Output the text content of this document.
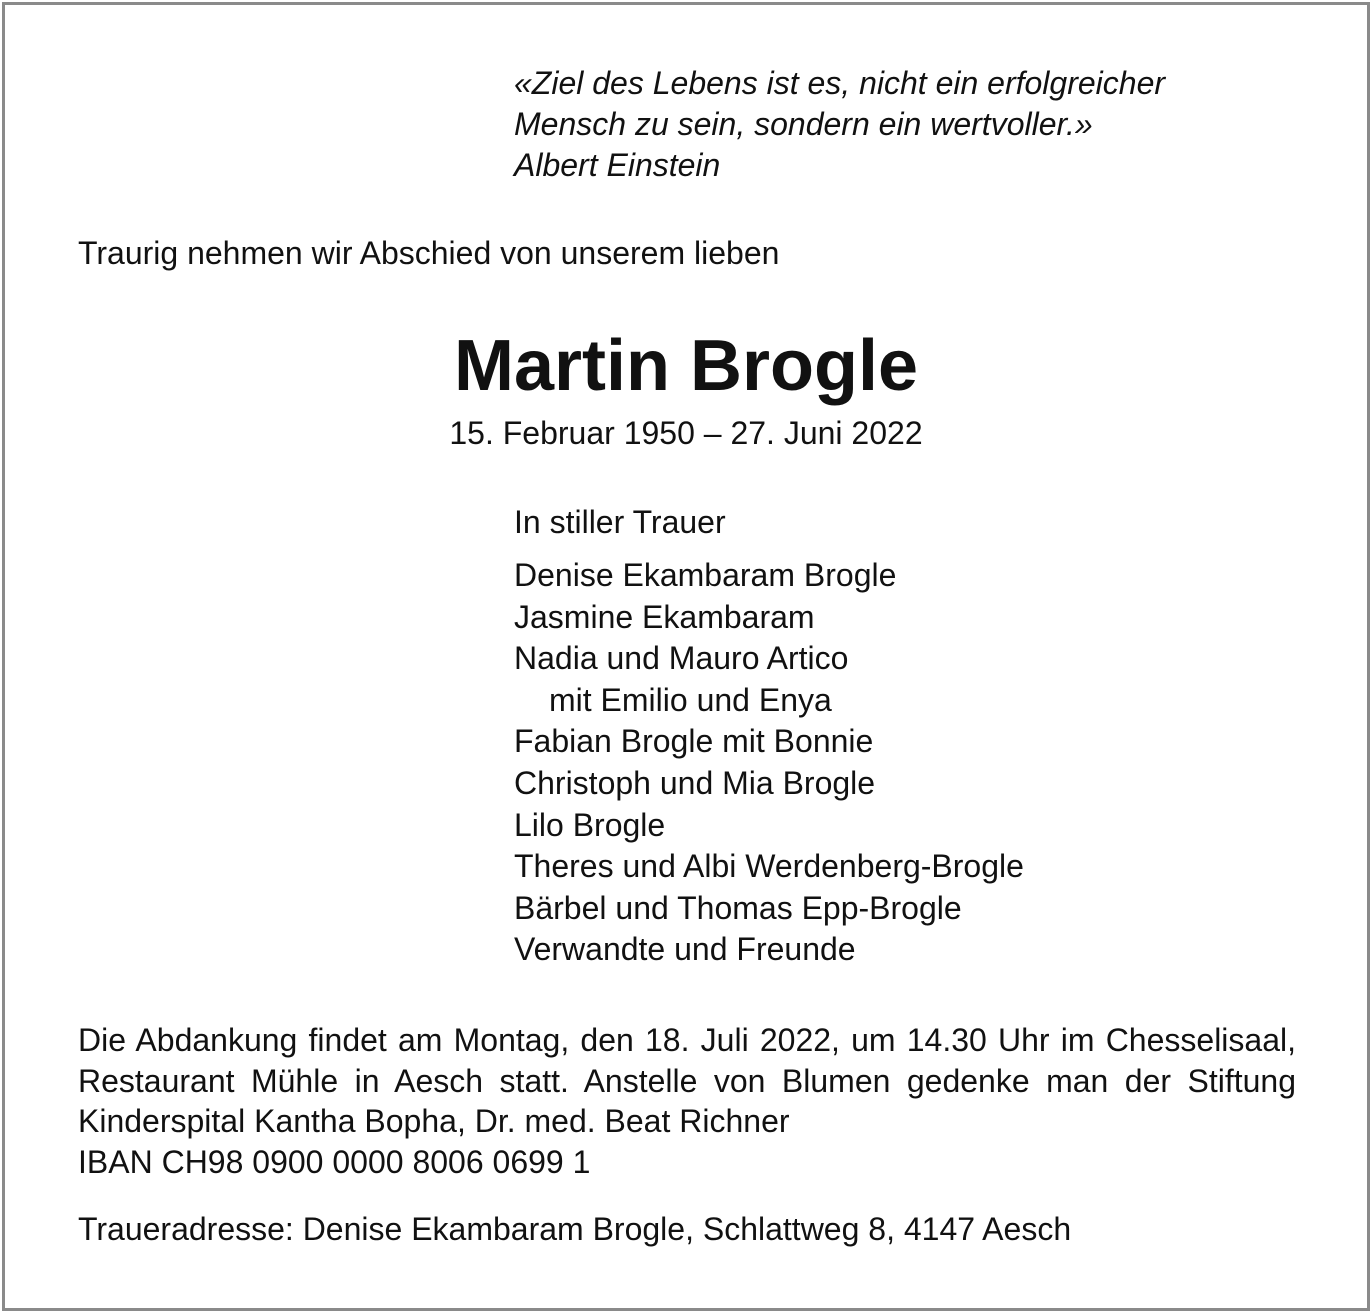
«Ziel des Lebens ist es, nicht ein erfolgreicher
Mensch zu sein, sondern ein wertvoller.»
Albert Einstein
Traurig nehmen wir Abschied von unserem lieben
Martin Brogle
15. Februar 1950 – 27. Juni 2022
In stiller Trauer
Denise Ekambaram Brogle
Jasmine Ekambaram
Nadia und Mauro Artico
mit Emilio und Enya
Fabian Brogle mit Bonnie
Christoph und Mia Brogle
Lilo Brogle
Theres und Albi Werdenberg-Brogle
Bärbel und Thomas Epp-Brogle
Verwandte und Freunde
Die Abdankung findet am Montag, den 18. Juli 2022, um 14.30 Uhr im Chesselisaal, Restaurant Mühle in Aesch statt. Anstelle von Blumen gedenke man der Stiftung Kinderspital Kantha Bopha, Dr. med. Beat Richner
IBAN CH98 0900 0000 8006 0699 1
Traueradresse: Denise Ekambaram Brogle, Schlattweg 8, 4147 Aesch
